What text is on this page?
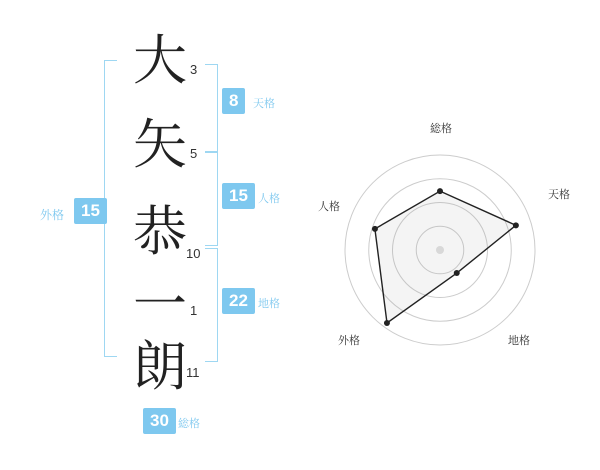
大
矢
恭
一
朗
3
5
10
1
11
8	天格
15 人格
22 地格
外格 15
30 総格
総格
天格
地格
外格
人格
